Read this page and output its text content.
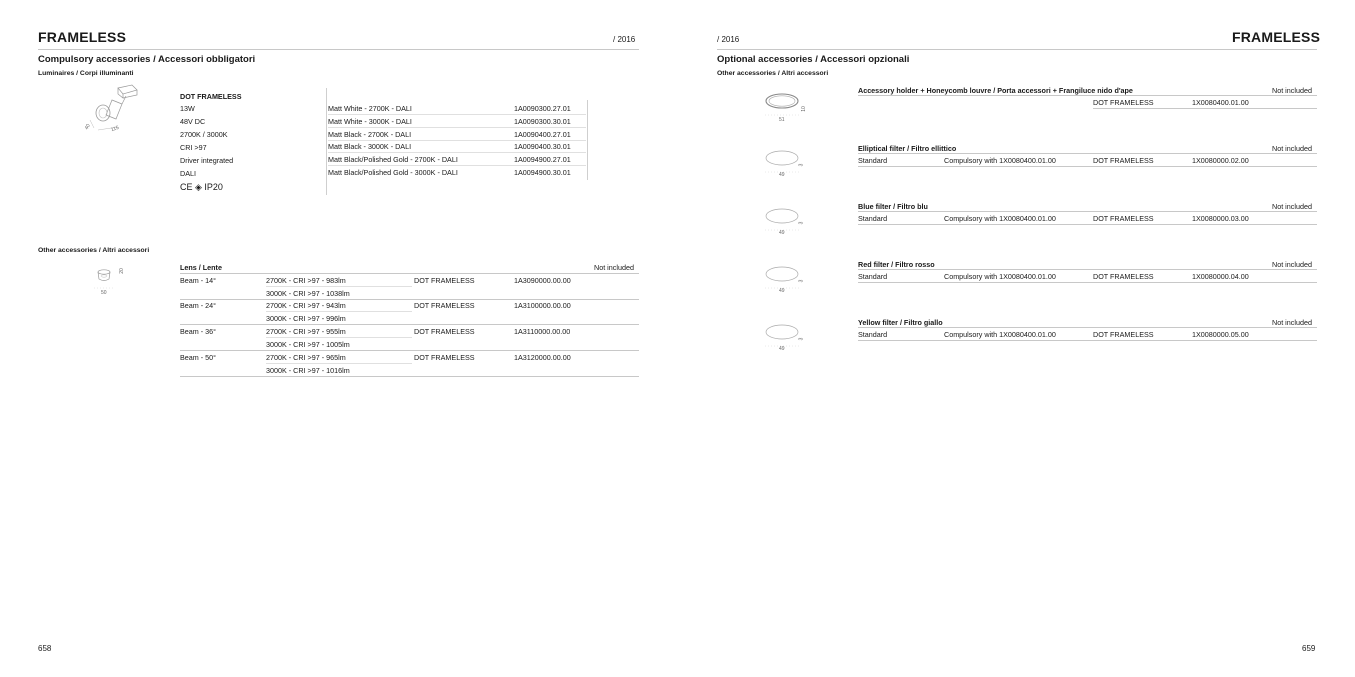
FRAMELESS	/ 2016
Compulsory accessories / Accessori obbligatori
Luminaires / Corpi illuminanti
40	115
DOT FRAMELESS
13W
48V DC
2700K / 3000K
CRI >97
Driver integrated
DALI
CE ◈ IP20
Matt White - 2700K - DALI	1A0090300.27.01
Matt White - 3000K - DALI	1A0090300.30.01
Matt Black - 2700K - DALI	1A0090400.27.01
Matt Black - 3000K - DALI	1A0090400.30.01
Matt Black/Polished Gold - 2700K - DALI	1A0094900.27.01
Matt Black/Polished Gold - 3000K - DALI	1A0094900.30.01
Other accessories / Altri accessori
20
50
Lens / Lente	Not included
Beam - 14°	2700K - CRI >97 - 983lm	DOT FRAMELESS	1A3090000.00.00
3000K - CRI >97 - 1038lm
Beam - 24°	2700K - CRI >97 - 943lm	DOT FRAMELESS	1A3100000.00.00
3000K - CRI >97 - 996lm
Beam - 36°	2700K - CRI >97 - 955lm	DOT FRAMELESS	1A3110000.00.00
3000K - CRI >97 - 1005lm
Beam - 50°	2700K - CRI >97 - 965lm	DOT FRAMELESS	1A3120000.00.00
3000K - CRI >97 - 1016lm
658
/ 2016	FRAMELESS
Optional accessories / Accessori opzionali
Other accessories / Altri accessori
10
51
Accessory holder + Honeycomb louvre / Porta accessori + Frangiluce nido d'ape	Not included
DOT FRAMELESS	1X0080400.01.00
3
49
Elliptical filter / Filtro ellittico	Not included
Standard	Compulsory with 1X0080400.01.00	DOT FRAMELESS	1X0080000.02.00
3
49
Blue filter / Filtro blu	Not included
Standard	Compulsory with 1X0080400.01.00	DOT FRAMELESS	1X0080000.03.00
3
49
Red filter / Filtro rosso	Not included
Standard	Compulsory with 1X0080400.01.00	DOT FRAMELESS	1X0080000.04.00
3
49
Yellow filter / Filtro giallo	Not included
Standard	Compulsory with 1X0080400.01.00	DOT FRAMELESS	1X0080000.05.00
659
